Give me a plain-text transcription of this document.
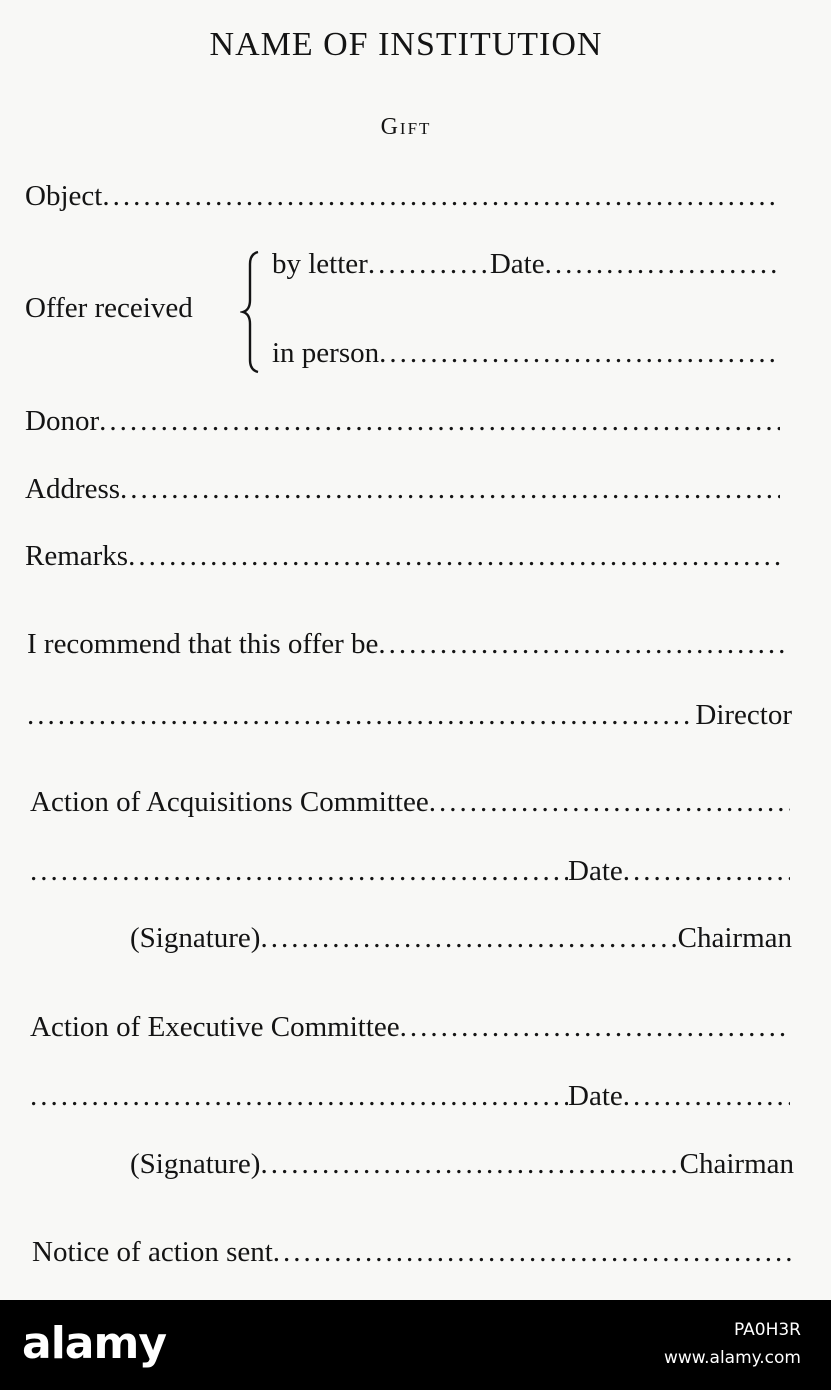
NAME OF INSTITUTION
Gift
Object
.....
Offer received
by letter .....	Date
.....
in person
.....
Donor
.....
Address
.....
Remarks
.....
I recommend that this offer be
.....
.....
Director
Action of Acquisitions Committee
.....
.....
Date
.....
(Signature) .....	Chairman
Action of Executive Committee
.....
.....
Date
.....
(Signature) .....	Chairman
Notice of action sent
.....
alamy	PA0H3R
www.alamy.com
